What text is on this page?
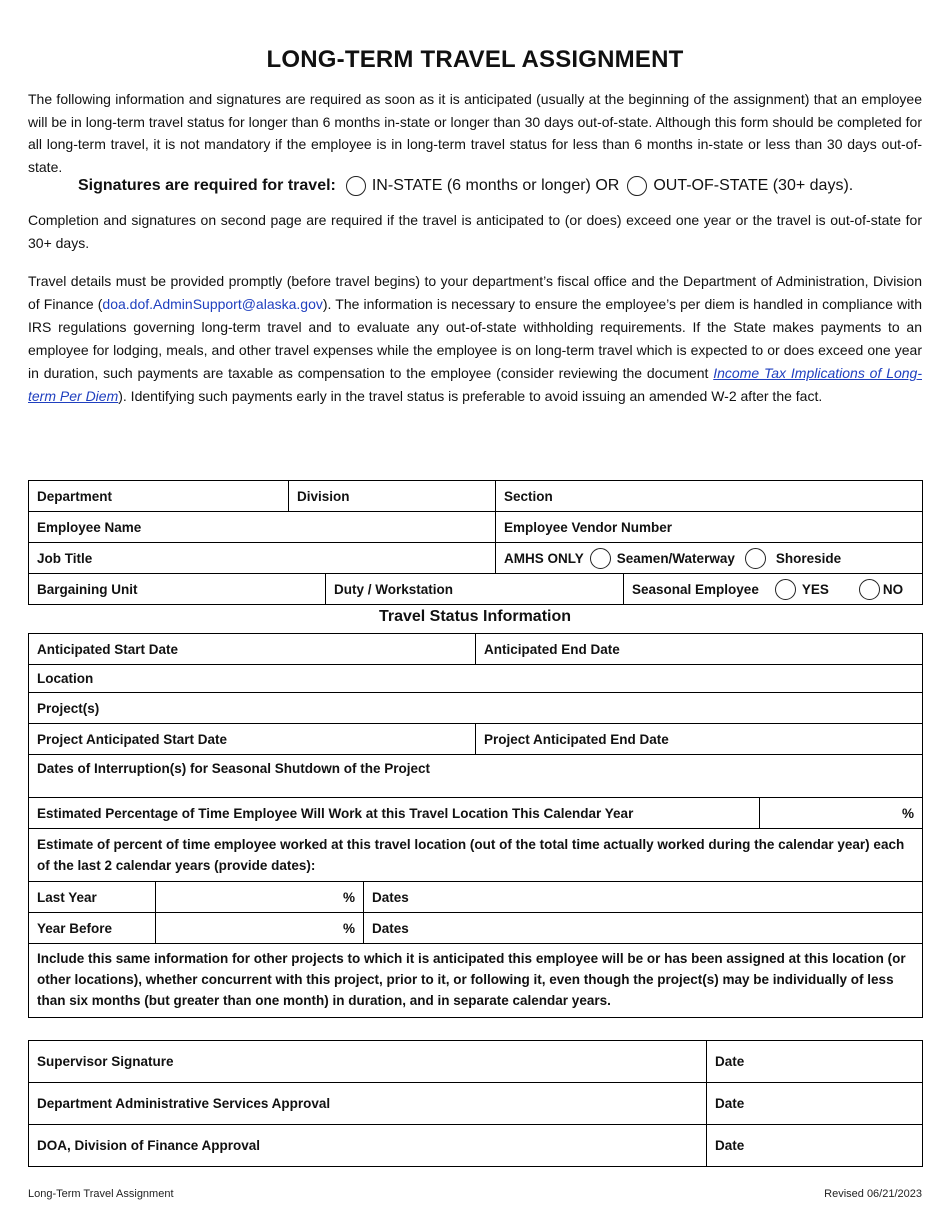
LONG-TERM TRAVEL ASSIGNMENT
The following information and signatures are required as soon as it is anticipated (usually at the beginning of the assignment) that an employee will be in long-term travel status for longer than 6 months in-state or longer than 30 days out-of-state. Although this form should be completed for all long-term travel, it is not mandatory if the employee is in long-term travel status for less than 6 months in-state or less than 30 days out-of-state.
Signatures are required for travel: IN-STATE (6 months or longer) OR OUT-OF-STATE (30+ days).
Completion and signatures on second page are required if the travel is anticipated to (or does) exceed one year or the travel is out-of-state for 30+ days.
Travel details must be provided promptly (before travel begins) to your department’s fiscal office and the Department of Administration, Division of Finance (doa.dof.AdminSupport@alaska.gov). The information is necessary to ensure the employee’s per diem is handled in compliance with IRS regulations governing long-term travel and to evaluate any out-of-state withholding requirements. If the State makes payments to an employee for lodging, meals, and other travel expenses while the employee is on long-term travel which is expected to or does exceed one year in duration, such payments are taxable as compensation to the employee (consider reviewing the document Income Tax Implications of Long-term Per Diem). Identifying such payments early in the travel status is preferable to avoid issuing an amended W-2 after the fact.
Department	Division		Section	
Employee Name			Employee Vendor Number	
Job Title			AMHS ONLY Seamen/Waterway Shoreside	

Bargaining Unit		Duty / Workstation		Seasonal Employee YES NO
Travel Status Information
Anticipated Start Date			Anticipated End Date	
Location				
Project(s)				
Project Anticipated Start Date			Project Anticipated End Date	
Dates of Interruption(s) for Seasonal Shutdown of the Project				
Estimated Percentage of Time Employee Will Work at this Travel Location This Calendar Year				%
Estimate of percent of time employee worked at this travel location (out of the total time actually worked during the calendar year) each of the last 2 calendar years (provide dates):				
Last Year	%	Dates		
Year Before	%	Dates		
Include this same information for other projects to which it is anticipated this employee will be or has been assigned at this location (or other locations), whether concurrent with this project, prior to it, or following it, even though the project(s) may be individually of less than six months (but greater than one month) in duration, and in separate calendar years.				
Supervisor Signature	Date
Department Administrative Services Approval	Date
DOA, Division of Finance Approval	Date
Long-Term Travel Assignment	Revised 06/21/2023
